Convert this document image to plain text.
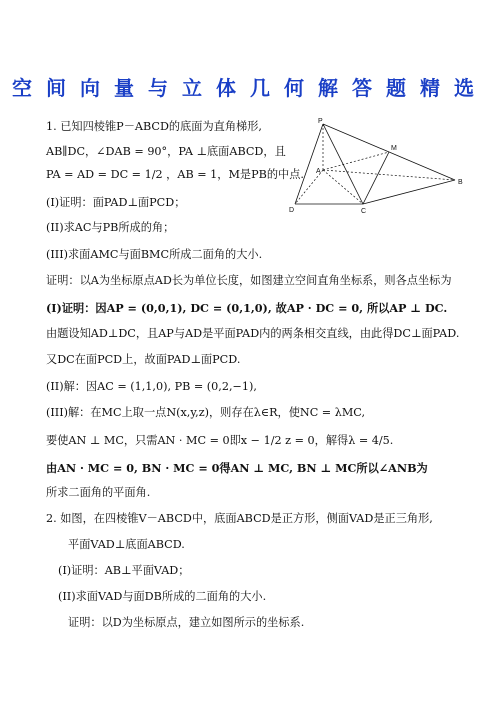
空间向量与立体几何解答题精选
P
M
A
B
C
D
1. 已知四棱锥P－ABCD的底面为直角梯形,
AB∥DC，∠DAB = 90°，PA ⊥底面ABCD，且
PA = AD = DC = 1/2 ，AB = 1，M是PB的中点.
(I)证明：面PAD⊥面PCD；
(II)求AC与PB所成的角；
(III)求面AMC与面BMC所成二面角的大小.
证明：以A为坐标原点AD长为单位长度，如图建立空间直角坐标系，则各点坐标为
(I)证明：因AP = (0,0,1), DC = (0,1,0), 故AP · DC = 0, 所以AP ⊥ DC.
由题设知AD⊥DC，且AP与AD是平面PAD内的两条相交直线，由此得DC⊥面PAD.
又DC在面PCD上，故面PAD⊥面PCD.
(II)解：因AC = (1,1,0), PB = (0,2,−1),
(III)解：在MC上取一点N(x,y,z)，则存在λ∈R，使NC = λMC,
要使AN ⊥ MC，只需AN · MC = 0即x − 1/2 z = 0，解得λ = 4/5.
由AN · MC = 0, BN · MC = 0得AN ⊥ MC, BN ⊥ MC所以∠ANB为
所求二面角的平面角.
2. 如图，在四棱锥V－ABCD中，底面ABCD是正方形，侧面VAD是正三角形,
平面VAD⊥底面ABCD.
(I)证明：AB⊥平面VAD；
(II)求面VAD与面DB所成的二面角的大小.
证明：以D为坐标原点，建立如图所示的坐标系.
